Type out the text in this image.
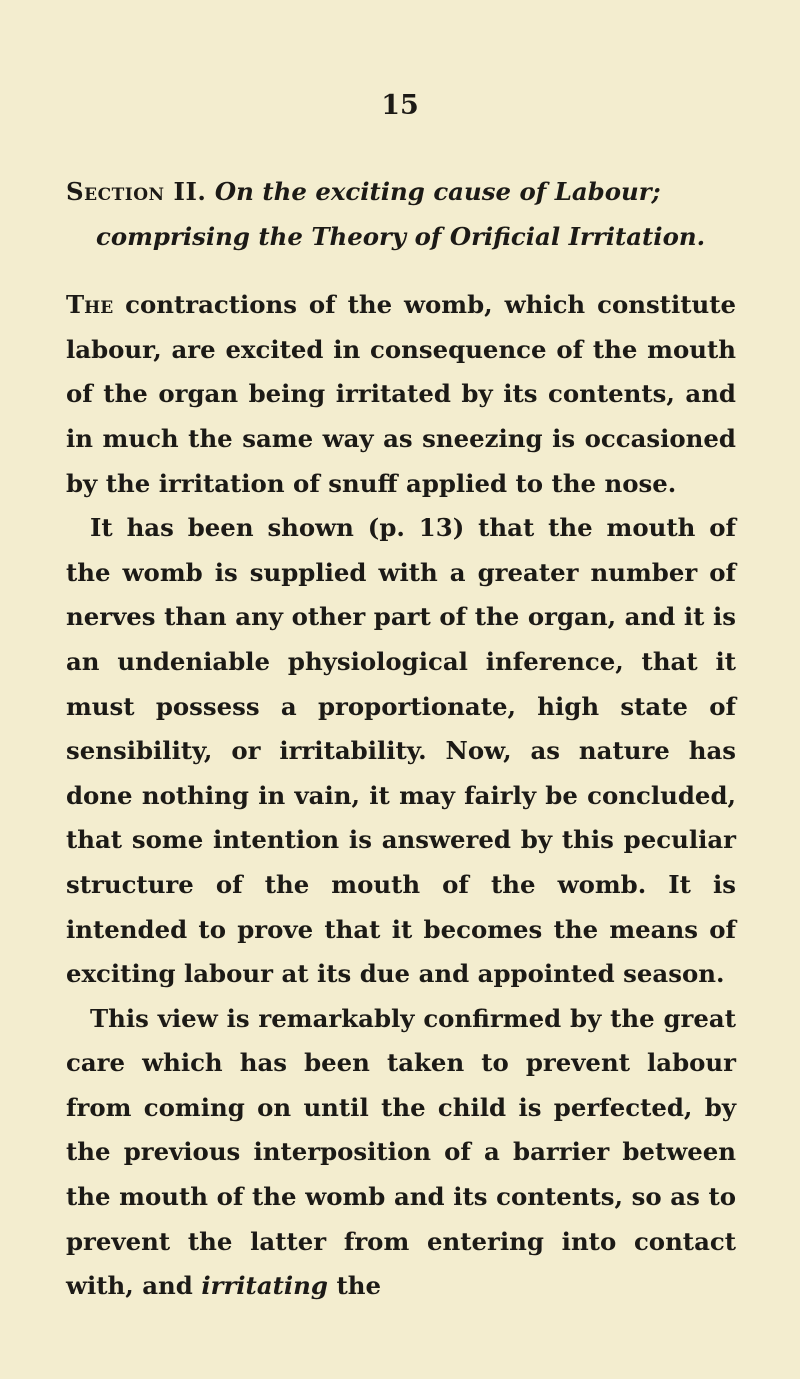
15

Section II. On the exciting cause of Labour; comprising the Theory of Orificial Irritation.

The contractions of the womb, which constitute labour, are excited in consequence of the mouth of the organ being irritated by its contents, and in much the same way as sneezing is occasioned by the irritation of snuff applied to the nose.

It has been shown (p. 13) that the mouth of the womb is supplied with a greater number of nerves than any other part of the organ, and it is an undeniable physiological inference, that it must possess a proportionate, high state of sensibility, or irritability. Now, as nature has done nothing in vain, it may fairly be concluded, that some intention is answered by this peculiar structure of the mouth of the womb. It is intended to prove that it becomes the means of exciting labour at its due and appointed season.

This view is remarkably confirmed by the great care which has been taken to prevent labour from coming on until the child is perfected, by the previous interposition of a barrier between the mouth of the womb and its contents, so as to prevent the latter from entering into contact with, and irritating the
